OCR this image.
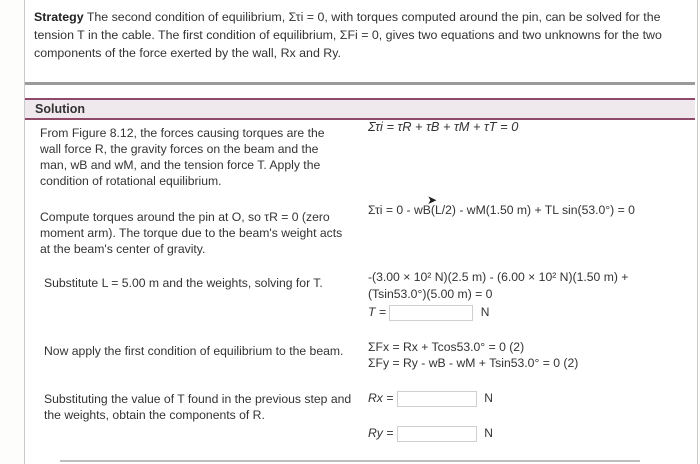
Strategy The second condition of equilibrium, Στi = 0, with torques computed around the pin, can be solved for the tension T in the cable. The first condition of equilibrium, ΣFi = 0, gives two equations and two unknowns for the two components of the force exerted by the wall, Rx and Ry.
Solution
From Figure 8.12, the forces causing torques are the wall force R, the gravity forces on the beam and the man, wB and wM, and the tension force T. Apply the condition of rotational equilibrium.
Στi = τR + τB + τM + τT = 0
Compute torques around the pin at O, so τR = 0 (zero moment arm). The torque due to the beam's weight acts at the beam's center of gravity.
Στi = 0 - wB(L/2) - wM(1.50 m) + TL sin(53.0°) = 0
➤
Substitute L = 5.00 m and the weights, solving for T.	-(3.00 × 10² N)(2.5 m) - (6.00 × 10² N)(1.50 m) +
(Tsin53.0°)(5.00 m) = 0
T =	N
Now apply the first condition of equilibrium to the beam.	ΣFx = Rx + Tcos53.0° = 0 (2)
ΣFy = Ry - wB - wM + Tsin53.0° = 0 (2)
Substituting the value of T found in the previous step and the weights, obtain the components of R.
Rx =	N
Ry =	N
